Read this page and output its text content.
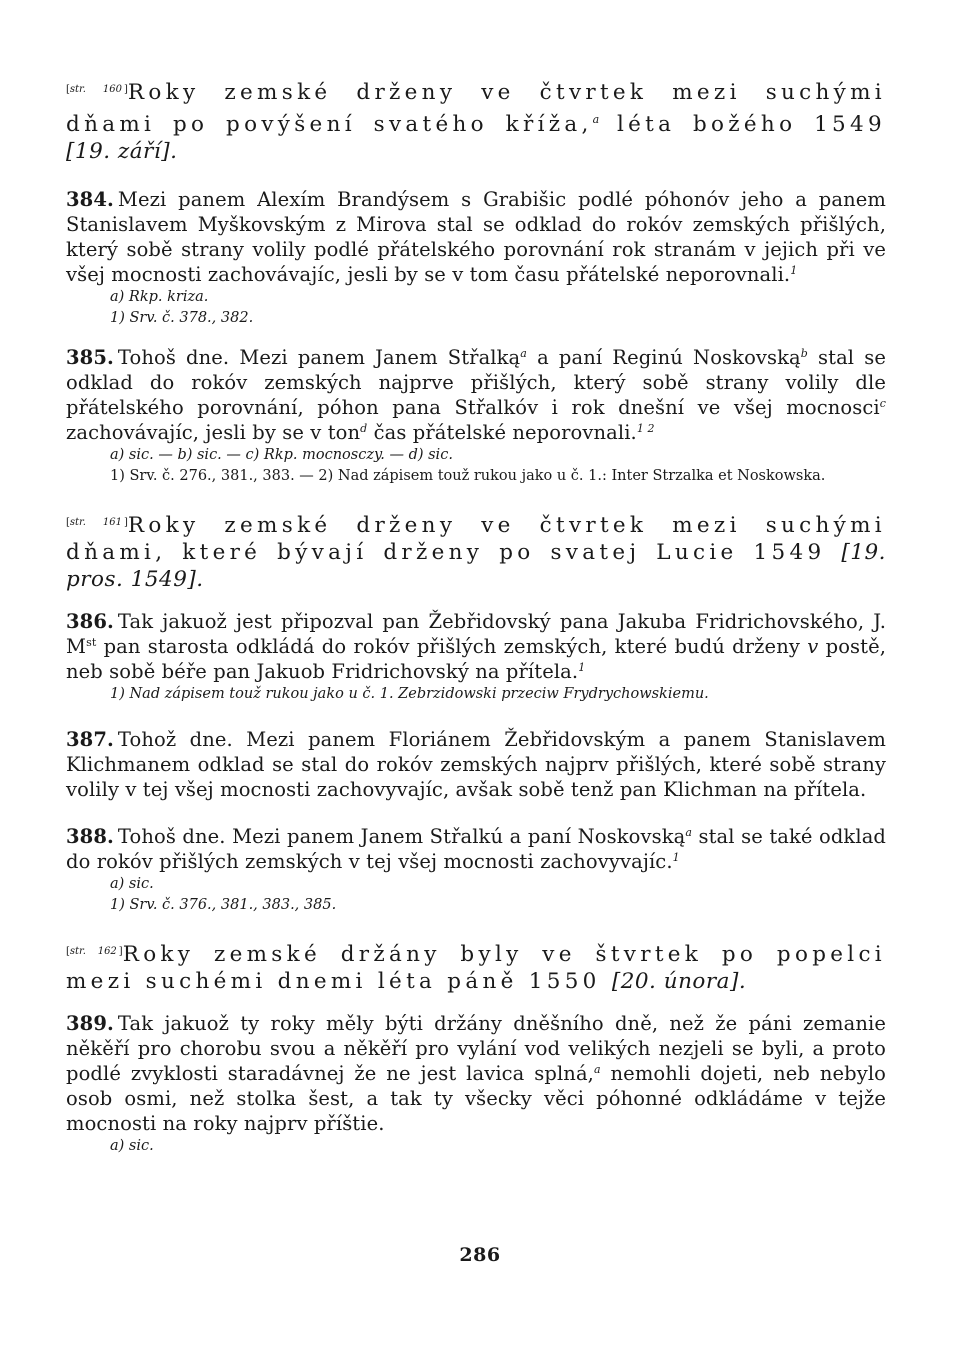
$^{[str. 160}$ ]Roky zemské drženy ve čtvrtek mezi suchými dňami po povýšení svatého kříža,$^a$ léta božého 1549 [19. září].

384. Mezi panem Alexím Brandýsem s Grabišic podlé póhonóv jeho a panem Stanislavem Myškovským z Mirova stal se odklad do rokóv zemských přišlých, který sobě strany volily podlé přátelského porovnání rok stranám v jejich při ve všej mocnosti zachovávajíc, jesli by se v tom času přátelské neporovnali.$^1$

a) Rkp. kriza.

1) Srv. č. 378., 382.

385. Tohoš dne. Mezi panem Janem Střalką$^a$ a paní Reginú Noskovską$^b$ stal se odklad do rokóv zemských najprve přišlých, který sobě strany volily dle přátelského porovnání, póhon pana Střalkóv i rok dnešní ve všej mocnosci$^c$ zachovávajíc, jesli by se v ton$^d$ čas přátelské neporovnali.$^{1 2}$

a) sic. — b) sic. — c) Rkp. mocnosczy. — d) sic.

1) Srv. č. 276., 381., 383. — 2) Nad zápisem touž rukou jako u č. 1.: Inter Strzalka et Noskowska.

$^{[str. 161}$ ]Roky zemské drženy ve čtvrtek mezi suchými dňami, které bývají drženy po svatej Lucie 1549 [19. pros. 1549].

386. Tak jakuož jest připozval pan Žebřidovský pana Jakuba Fridrichovského, J. Mst pan starosta odkládá do rokóv přišlých zemských, které budú drženy v postě, neb sobě béře pan Jakuob Fridrichovský na přítela.$^1$

1) Nad zápisem touž rukou jako u č. 1. Zebrzidowski przeciw Frydrychowskiemu.

387. Tohož dne. Mezi panem Floriánem Žebřidovským a panem Stanislavem Klichmanem odklad se stal do rokóv zemských najprv přišlých, které sobě strany volily v tej všej mocnosti zachovyvajíc, avšak sobě tenž pan Klichman na přítela.

388. Tohoš dne. Mezi panem Janem Střalkú a paní Noskovską$^a$ stal se také odklad do rokóv přišlých zemských v tej všej mocnosti zachovyvajíc.$^1$

a) sic.

1) Srv. č. 376., 381., 383., 385.

$^{[str. 162}$ ]Roky zemské držány byly ve štvrtek po popelci mezi suchémi dnemi léta páně 1550 [20. února].

389. Tak jakuož ty roky měly býti držány dněšního dně, než že páni zemanie někěří pro chorobu svou a někěří pro vylání vod velikých nezjeli se byli, a proto podlé zvyklosti staradávnej že ne jest lavica splná,$^a$ nemohli dojeti, neb nebylo osob osmi, než stolka šest, a tak ty všecky věci póhonné odkládáme v tejže mocnosti na roky najprv příštie.

a) sic.

286
